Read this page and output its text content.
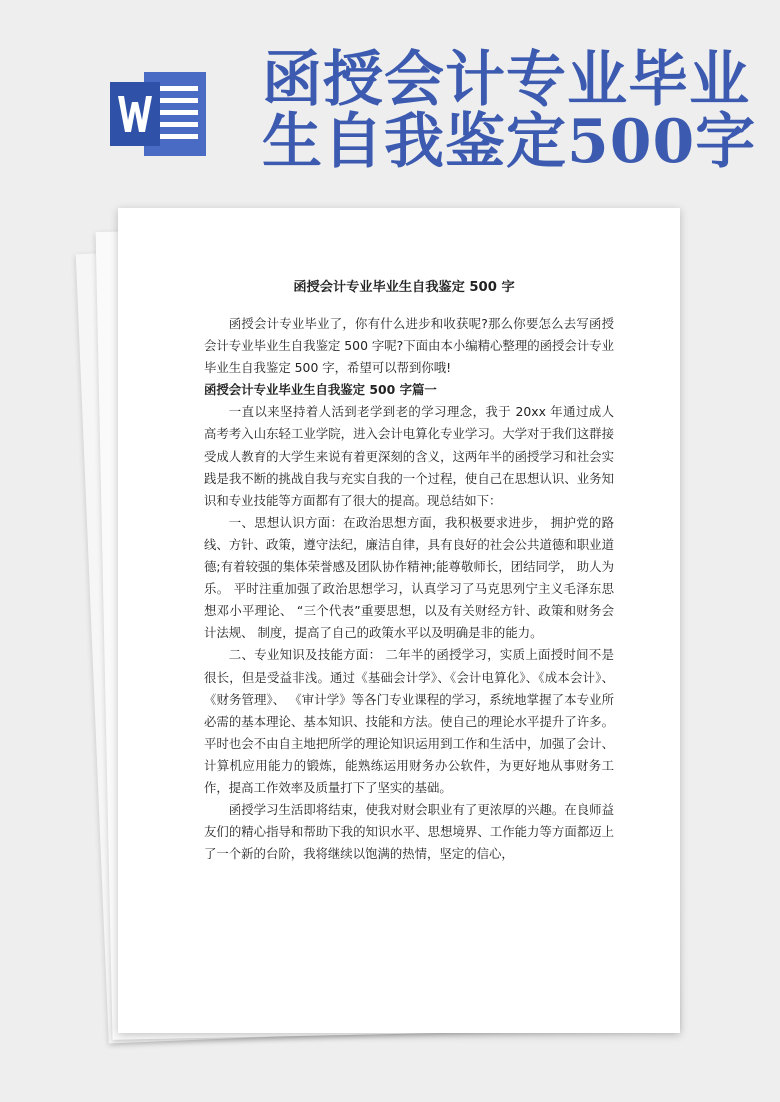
函授会计专业毕业
生自我鉴定500字
函授会计专业毕业生自我鉴定 500 字

函授会计专业毕业了，你有什么进步和收获呢?那么你要怎么去写函授会计专业毕业生自我鉴定 500 字呢?下面由本小编精心整理的函授会计专业毕业生自我鉴定 500 字，希望可以帮到你哦!

函授会计专业毕业生自我鉴定 500 字篇一

一直以来坚持着人活到老学到老的学习理念，我于 20xx 年通过成人高考考入山东轻工业学院，进入会计电算化专业学习。大学对于我们这群接受成人教育的大学生来说有着更深刻的含义，这两年半的函授学习和社会实践是我不断的挑战自我与充实自我的一个过程，使自己在思想认识、业务知识和专业技能等方面都有了很大的提高。现总结如下：

一、思想认识方面：在政治思想方面，我积极要求进步， 拥护党的路线、方针、政策，遵守法纪，廉洁自律，具有良好的社会公共道德和职业道德;有着较强的集体荣誉感及团队协作精神;能尊敬师长，团结同学， 助人为乐。 平时注重加强了政治思想学习，认真学习了马克思列宁主义毛泽东思想邓小平理论、 “三个代表”重要思想，以及有关财经方针、政策和财务会计法规、 制度，提高了自己的政策水平以及明确是非的能力。

二、专业知识及技能方面： 二年半的函授学习，实质上面授时间不是很长，但是受益非浅。通过《基础会计学》、《会计电算化》、《成本会计》、 《财务管理》、 《审计学》等各门专业课程的学习，系统地掌握了本专业所必需的基本理论、基本知识、技能和方法。使自己的理论水平提升了许多。 平时也会不由自主地把所学的理论知识运用到工作和生活中，加强了会计、计算机应用能力的锻炼，能熟练运用财务办公软件，为更好地从事财务工作，提高工作效率及质量打下了坚实的基础。

函授学习生活即将结束，使我对财会职业有了更浓厚的兴趣。在良师益友们的精心指导和帮助下我的知识水平、思想境界、工作能力等方面都迈上了一个新的台阶，我将继续以饱满的热情，坚定的信心，
